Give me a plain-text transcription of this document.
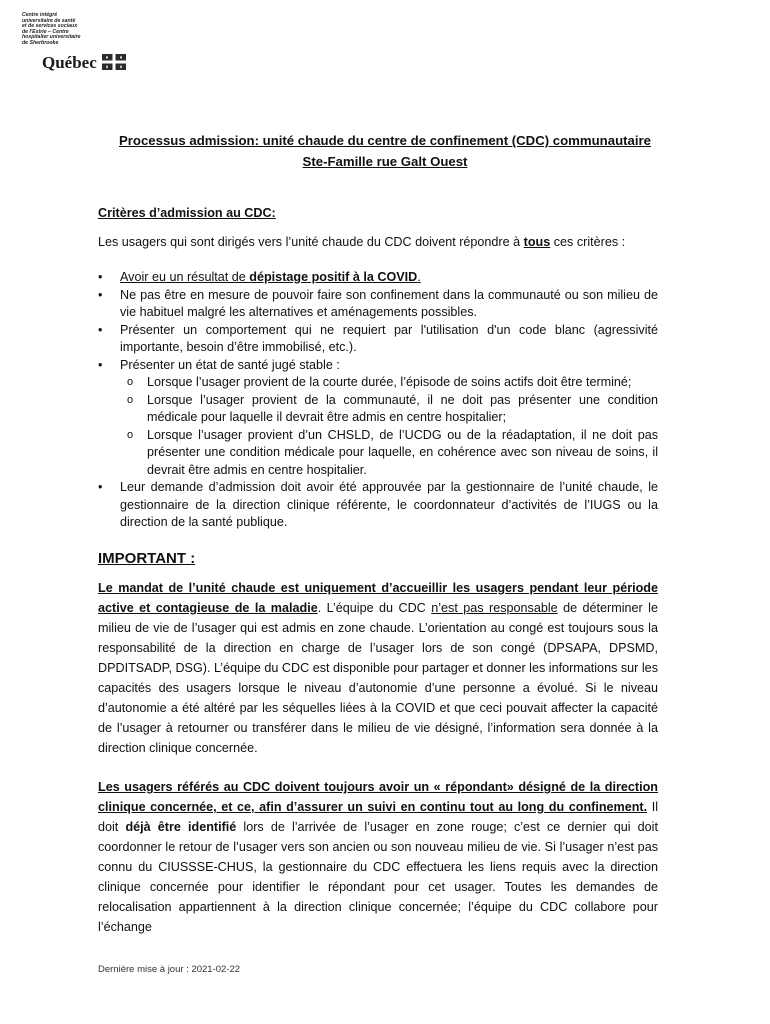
Centre intégré
universitaire de santé
et de services sociaux
de l'Estrie – Centre
hospitalier universitaire
de Sherbrooke
Québec
Processus admission: unité chaude du centre de confinement (CDC) communautaire
Ste-Famille rue Galt Ouest
Critères d’admission au CDC:
Les usagers qui sont dirigés vers l’unité chaude du CDC doivent répondre à tous ces critères :
• Avoir eu un résultat de dépistage positif à la COVID.
• Ne pas être en mesure de pouvoir faire son confinement dans la communauté ou son milieu de vie habituel malgré les alternatives et aménagements possibles.
• Présenter un comportement qui ne requiert par l'utilisation d'un code blanc (agressivité importante, besoin d’être immobilisé, etc.).
• Présenter un état de santé jugé stable :
o Lorsque l’usager provient de la courte durée, l’épisode de soins actifs doit être terminé;
o Lorsque l’usager provient de la communauté, il ne doit pas présenter une condition médicale pour laquelle il devrait être admis en centre hospitalier;
o Lorsque l’usager provient d’un CHSLD, de l’UCDG ou de la réadaptation, il ne doit pas présenter une condition médicale pour laquelle, en cohérence avec son niveau de soins, il devrait être admis en centre hospitalier.
• Leur demande d’admission doit avoir été approuvée par la gestionnaire de l’unité chaude, le gestionnaire de la direction clinique référente, le coordonnateur d’activités de l’IUGS ou la direction de la santé publique.
IMPORTANT :
Le mandat de l’unité chaude est uniquement d’accueillir les usagers pendant leur période active et contagieuse de la maladie. L’équipe du CDC n’est pas responsable de déterminer le milieu de vie de l’usager qui est admis en zone chaude. L’orientation au congé est toujours sous la responsabilité de la direction en charge de l’usager lors de son congé (DPSAPA, DPSMD, DPDITSADP, DSG). L’équipe du CDC est disponible pour partager et donner les informations sur les capacités des usagers lorsque le niveau d’autonomie d’une personne a évolué. Si le niveau d’autonomie a été altéré par les séquelles liées à la COVID et que ceci pouvait affecter la capacité de l’usager à retourner ou transférer dans le milieu de vie désigné, l’information sera donnée à la direction clinique concernée.
Les usagers référés au CDC doivent toujours avoir un « répondant» désigné de la direction clinique concernée, et ce, afin d’assurer un suivi en continu tout au long du confinement. Il doit déjà être identifié lors de l’arrivée de l’usager en zone rouge; c’est ce dernier qui doit coordonner le retour de l’usager vers son ancien ou son nouveau milieu de vie. Si l’usager n’est pas connu du CIUSSSE-CHUS, la gestionnaire du CDC effectuera les liens requis avec la direction clinique concernée pour identifier le répondant pour cet usager. Toutes les demandes de relocalisation appartiennent à la direction clinique concernée; l’équipe du CDC collabore pour l’échange
Dernière mise à jour : 2021-02-22
